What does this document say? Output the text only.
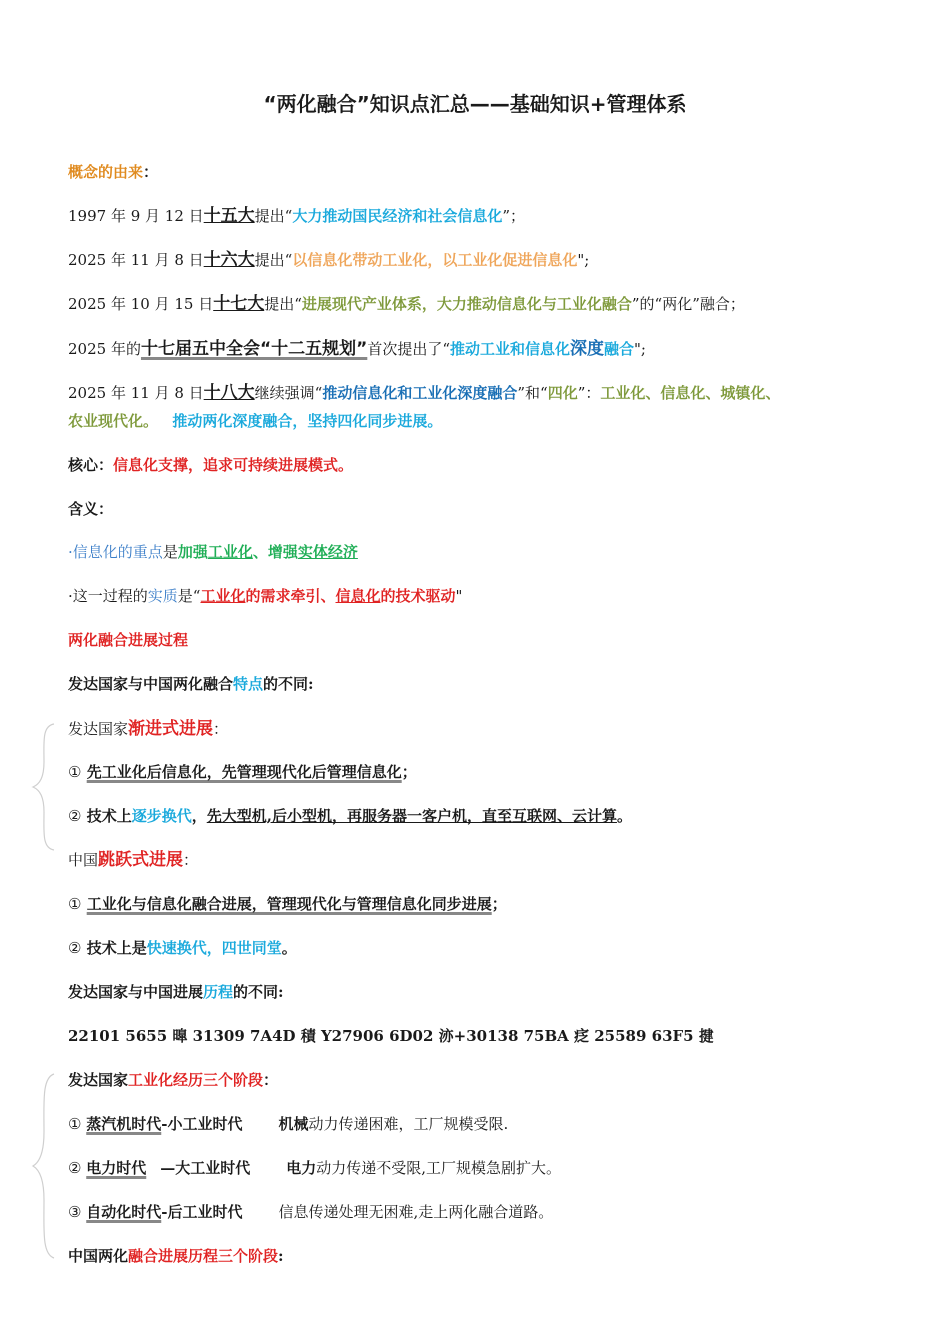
“两化融合”知识点汇总——基础知识+管理体系
概念的由来：
1997 年 9 月 12 日十五大提出“大力推动国民经济和社会信息化”；
2025 年 11 月 8 日十六大提出“以信息化带动工业化，以工业化促进信息化";
2025 年 10 月 15 日十七大提出“进展现代产业体系，大力推动信息化与工业化融合”的“两化”融合；
2025 年的十七届五中全会“十二五规划”首次提出了“推动工业和信息化深度融合";
2025 年 11 月 8 日十八大继续强调“推动信息化和工业化深度融合”和“四化”：工业化、信息化、城镇化、
农业现代化。 推动两化深度融合，坚持四化同步进展。
核心：信息化支撑，追求可持续进展模式。
含义：
·信息化的重点是加强工业化、增强实体经济
·这一过程的实质是“工业化的需求牵引、信息化的技术驱动"
两化融合进展过程
发达国家与中国两化融合特点的不同:
发达国家渐进式进展：
① 先工业化后信息化，先管理现代化后管理信息化；
② 技术上逐步换代，先大型机,后小型机，再服务器一客户机，直至互联网、云计算。
中国跳跃式进展：
① 工业化与信息化融合进展，管理现代化与管理信息化同步进展；
② 技术上是快速换代，四世同堂。
发达国家与中国进展历程的不同:
22101 5655 曍 31309 7A4D 積 Y27906 6D02 洂+30138 75BA 疺 25589 63F5 揵
发达国家工业化经历三个阶段：
① 蒸汽机时代-小工业时代 机械动力传递困难，工厂规模受限.
② 电力时代 —大工业时代 电力动力传递不受限,工厂规模急剧扩大。
③ 自动化时代-后工业时代 信息传递处理无困难,走上两化融合道路。
中国两化融合进展历程三个阶段:
